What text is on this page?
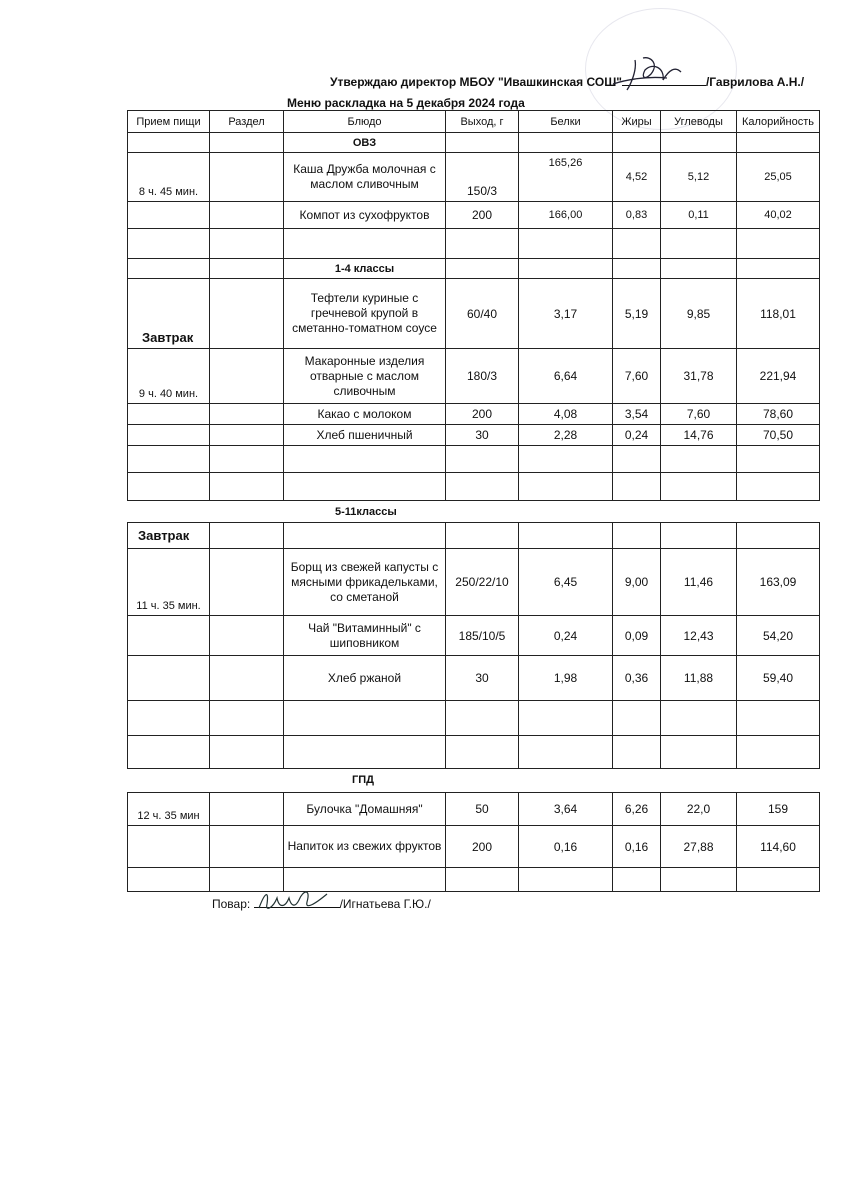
Утверждаю директор МБОУ "Ивашкинская СОШ"	/Гаврилова А.Н./
Меню раскладка на 5 декабря 2024 года
Прием пищи	Раздел	Блюдо	Выход, г	Белки	Жиры	Углеводы	Калорийность
		ОВЗ					
8 ч. 45 мин.		Каша Дружба молочная с маслом сливочным	150/3	165,26	4,52	5,12	25,05
		Компот из сухофруктов	200	166,00	0,83	0,11	40,02

		1-4 классы					
Завтрак		Тефтели куриные с гречневой крупой в сметанно-томатном соусе	60/40	3,17	5,19	9,85	118,01
9 ч. 40 мин.		Макаронные изделия отварные с маслом сливочным	180/3	6,64	7,60	31,78	221,94
		Какао с молоком	200	4,08	3,54	7,60	78,60
		Хлеб пшеничный	30	2,28	0,24	14,76	70,50

5-11классы
Завтрак							
11 ч. 35 мин.		Борщ из свежей капусты с мясными фрикадельками, со сметаной	250/22/10	6,45	9,00	11,46	163,09
		Чай "Витаминный" с шиповником	185/10/5	0,24	0,09	12,43	54,20
		Хлеб ржаной	30	1,98	0,36	11,88	59,40

ГПД
12 ч. 35 мин		Булочка "Домашняя"	50	3,64	6,26	22,0	159
		Напиток из свежих фруктов	200	0,16	0,16	27,88	114,60

Повар:	/Игнатьева Г.Ю./
